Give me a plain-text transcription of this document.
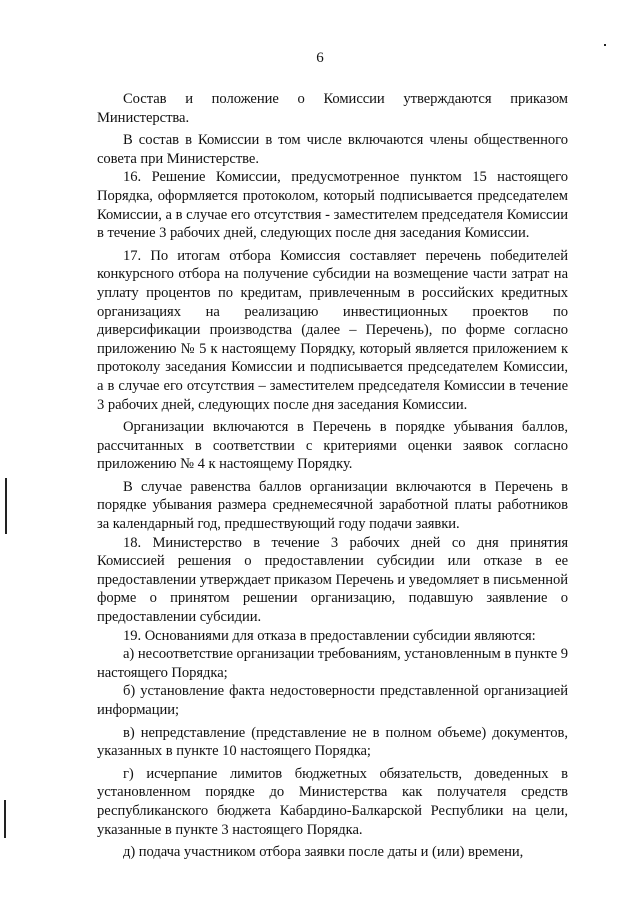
6

Состав и положение о Комиссии утверждаются приказом Министерства.

В состав в Комиссии в том числе включаются члены общественного совета при Министерстве.

16. Решение Комиссии, предусмотренное пунктом 15 настоящего Порядка, оформляется протоколом, который подписывается председателем Комиссии, а в случае его отсутствия - заместителем председателя Комиссии в течение 3 рабочих дней, следующих после дня заседания Комиссии.

17. По итогам отбора Комиссия составляет перечень победителей конкурсного отбора на получение субсидии на возмещение части затрат на уплату процентов по кредитам, привлеченным в российских кредитных организациях на реализацию инвестиционных проектов по диверсификации производства (далее – Перечень), по форме согласно приложению № 5 к настоящему Порядку, который является приложением к протоколу заседания Комиссии и подписывается председателем Комиссии, а в случае его отсутствия – заместителем председателя Комиссии в течение 3 рабочих дней, следующих после дня заседания Комиссии.

Организации включаются в Перечень в порядке убывания баллов, рассчитанных в соответствии с критериями оценки заявок согласно приложению № 4 к настоящему Порядку.

В случае равенства баллов организации включаются в Перечень в порядке убывания размера среднемесячной заработной платы работников за календарный год, предшествующий году подачи заявки.

18. Министерство в течение 3 рабочих дней со дня принятия Комиссией решения о предоставлении субсидии или отказе в ее предоставлении утверждает приказом Перечень и уведомляет в письменной форме о принятом решении организацию, подавшую заявление о предоставлении субсидии.

19. Основаниями для отказа в предоставлении субсидии являются:

а) несоответствие организации требованиям, установленным в пункте 9 настоящего Порядка;

б) установление факта недостоверности представленной организацией информации;

в) непредставление (представление не в полном объеме) документов, указанных в пункте 10 настоящего Порядка;

г) исчерпание лимитов бюджетных обязательств, доведенных в установленном порядке до Министерства как получателя средств республиканского бюджета Кабардино-Балкарской Республики на цели, указанные в пункте 3 настоящего Порядка.

д) подача участником отбора заявки после даты и (или) времени,
